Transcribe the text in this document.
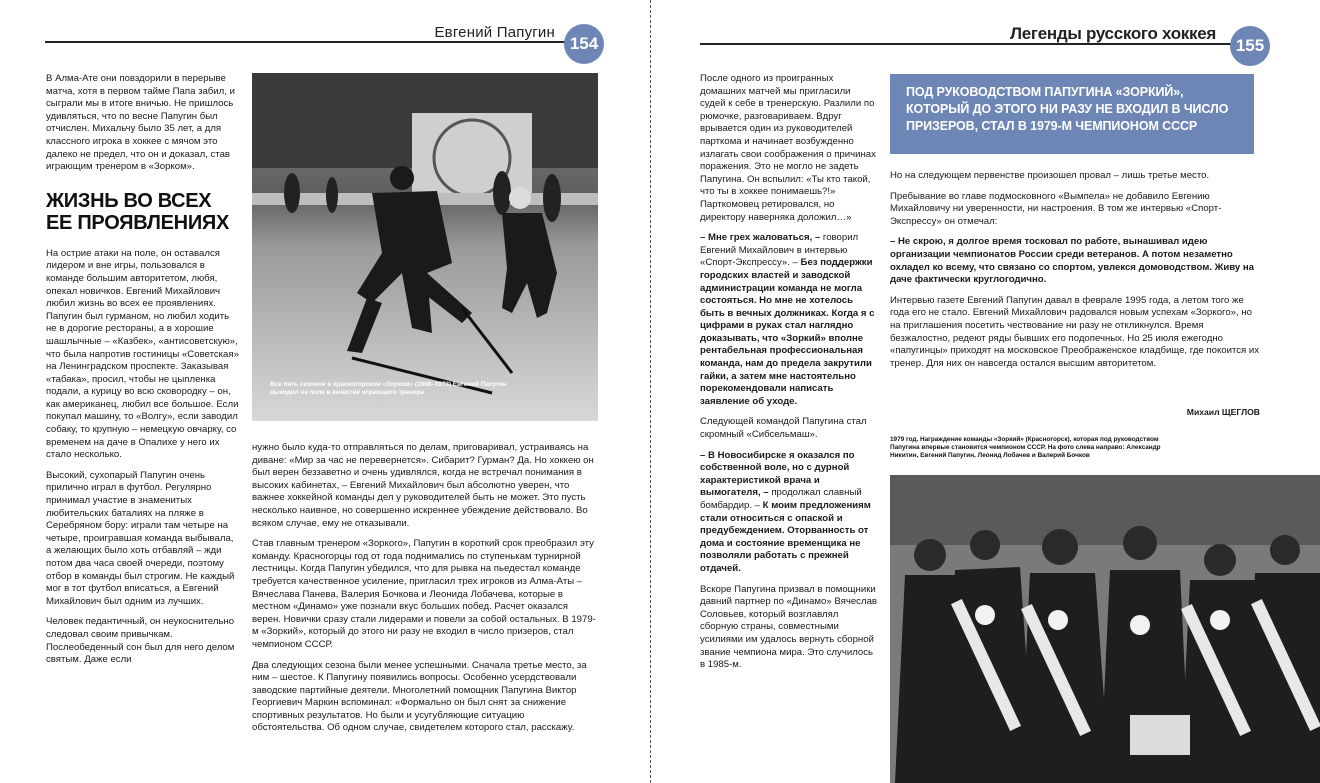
Евгений Папугин
154

В Алма-Ате они повздорили в перерыве матча, хотя в первом тайме Папа забил, и сыграли мы в итоге вничью. Не пришлось удивляться, что по весне Папугин был отчислен. Михальчу было 35 лет, а для классного игрока в хоккее с мячом это далеко не предел, что он и доказал, став играющим тренером в «Зорком».

ЖИЗНЬ ВО ВСЕХ ЕЕ ПРОЯВЛЕНИЯХ

На острие атаки на поле, он оставался лидером и вне игры, пользовался в команде большим авторитетом, любя, опекал новичков. Евгений Михайлович любил жизнь во всех ее проявлениях. Папугин был гурманом, но любил ходить не в дорогие рестораны, а в хорошие шашлычные – «Казбек», «антисоветскую», что была напротив гостиницы «Советская» на Ленинградском проспекте. Заказывая «табака», просил, чтобы не цыпленка подали, а курицу во всю сковородку – он, как американец, любил все большое. Если покупал машину, то «Волгу», если заводил собаку, то крупную – немецкую овчарку, со временем на даче в Опалихе у него их стало несколько.

Высокий, сухопарый Папугин очень прилично играл в футбол. Регулярно принимал участие в знаменитых любительских баталиях на пляже в Серебряном бору: играли там четыре на четыре, проигравшая команда выбывала, а желающих было хоть отбавляй – жди потом два часа своей очереди, поэтому отбор в команды был строгим. Не каждый мог в тот футбол вписаться, а Евгений Михайлович был одним из лучших.

Человек педантичный, он неукоснительно следовал своим привычкам. Послеобеденный сон был для него делом святым. Даже если

Все пять сезонов в красногорском «Зорком» (1968–1973) Евгений Папугин выходил на поле в качестве играющего тренера

нужно было куда-то отправляться по делам, приговаривал, устраиваясь на диване: «Мир за час не перевернется». Сибарит? Гурман? Да. Но хоккею он был верен беззаветно и очень удивлялся, когда не встречал понимания в высоких кабинетах, – Евгений Михайлович был абсолютно уверен, что важнее хоккейной команды дел у руководителей быть не может. Это пусть несколько наивное, но совершенно искреннее убеждение действовало. Во всяком случае, ему не отказывали.

Став главным тренером «Зоркого», Папугин в короткий срок преобразил эту команду. Красногорцы год от года поднимались по ступенькам турнирной лестницы. Когда Папугин убедился, что для рывка на пьедестал команде требуется качественное усиление, пригласил трех игроков из Алма-Аты – Вячеслава Панева, Валерия Бочкова и Леонида Лобачева, которые в местном «Динамо» уже познали вкус больших побед. Расчет оказался верен. Новички сразу стали лидерами и повели за собой остальных. В 1979-м «Зоркий», который до этого ни разу не входил в число призеров, стал чемпионом СССР.

Два следующих сезона были менее успешными. Сначала третье место, за ним – шестое. К Папугину появились вопросы. Особенно усердствовали заводские партийные деятели. Многолетний помощник Папугина Виктор Георгиевич Маркин вспоминал: «Формально он был снят за снижение спортивных результатов. Но были и усугубляющие ситуацию обстоятельства. Об одном случае, свидетелем которого стал, расскажу.

Легенды русского хоккея
155

После одного из проигранных домашних матчей мы пригласили судей к себе в тренерскую. Разлили по рюмочке, разговариваем. Вдруг врывается один из руководителей парткома и начинает возбужденно излагать свои соображения о причинах поражения. Это не могло не задеть Папугина. Он вспылил: «Ты кто такой, что ты в хоккее понимаешь?!» Парткомовец ретировался, но директору наверняка доложил…»

– Мне грех жаловаться, – говорил Евгений Михайлович в интервью «Спорт-Экспрессу». – Без поддержки городских властей и заводской администрации команда не могла состояться. Но мне не хотелось быть в вечных должниках. Когда я с цифрами в руках стал наглядно доказывать, что «Зоркий» вполне рентабельная профессиональная команда, нам до предела закрутили гайки, а затем мне настоятельно порекомендовали написать заявление об уходе.

Следующей командой Папугина стал скромный «Сибсельмаш».

– В Новосибирске я оказался по собственной воле, но с дурной характеристикой врача и вымогателя, – продолжал славный бомбардир. – К моим предложениям стали относиться с опаской и предубеждением. Оторванность от дома и состояние временщика не позволяли работать с прежней отдачей.

Вскоре Папугина призвал в помощники давний партнер по «Динамо» Вячеслав Соловьев, который возглавлял сборную страны, совместными усилиями им удалось вернуть сборной звание чемпиона мира. Это случилось в 1985-м.

ПОД РУКОВОДСТВОМ ПАПУГИНА «ЗОРКИЙ», КОТОРЫЙ ДО ЭТОГО НИ РАЗУ НЕ ВХОДИЛ В ЧИСЛО ПРИЗЕРОВ, СТАЛ В 1979-М ЧЕМПИОНОМ СССР

Но на следующем первенстве произошел провал – лишь третье место.

Пребывание во главе подмосковного «Вымпела» не добавило Евгению Михайловичу ни уверенности, ни настроения. В том же интервью «Спорт-Экспрессу» он отмечал:

– Не скрою, я долгое время тосковал по работе, вынашивал идею организации чемпионатов России среди ветеранов. А потом незаметно охладел ко всему, что связано со спортом, увлекся домоводством. Живу на даче фактически круглогодично.

Интервью газете Евгений Папугин давал в феврале 1995 года, а летом того же года его не стало. Евгений Михайлович радовался новым успехам «Зоркого», но на приглашения посетить чествование ни разу не откликнулся. Время безжалостно, редеют ряды бывших его подопечных. Но 25 июля ежегодно «папугинцы» приходят на московское Преображенское кладбище, где покоится их тренер. Для них он навсегда остался высшим авторитетом.

Михаил ЩЕГЛОВ
1979 год. Награждение команды «Зоркий» (Красногорск), которая под руководством Папугина впервые становится чемпионом СССР. На фото слева направо: Александр Никитин, Евгений Папугин, Леонид Лобачев и Валерий Бочков
